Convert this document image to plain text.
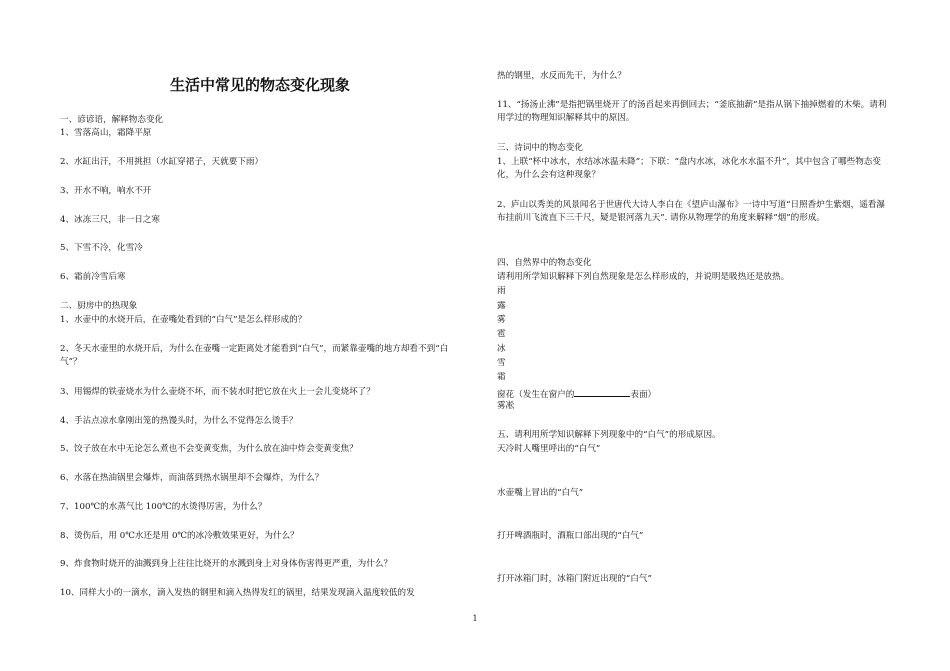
生活中常见的物态变化现象
一、谚谚语，解释物态变化
1、雪落高山，霜降平原
2、水缸出汗，不用挑担（水缸穿裙子，天就要下雨）
3、开水不响，响水不开
4、冰冻三尺，非一日之寒
5、下雪不冷，化雪冷
6、霜前冷雪后寒
二、厨房中的热现象
1、水壶中的水烧开后，在壶嘴处看到的“白气”是怎么样形成的？
2、冬天水壶里的水烧开后，为什么在壶嘴一定距离处才能看到“白气”，而紧靠壶嘴的地方却看不到“白气”？
3、用锡焊的铁壶烧水为什么壶烧不坏，而不装水时把它放在火上一会儿变烧坏了？
4、手沾点凉水拿刚出笼的热馒头时，为什么不觉得怎么烫手？
5、饺子放在水中无论怎么煮也不会变黄变焦，为什么放在油中炸会变黄变焦？
6、水落在热油锅里会爆炸，而油落到热水锅里却不会爆炸，为什么？
7、100℃的水蒸气比 100℃的水烫得厉害，为什么？
8、烫伤后，用 0℃水还是用 0℃的冰冷敷效果更好，为什么？
9、炸食物时烧开的油溅到身上往往比烧开的水溅到身上对身体伤害得更严重，为什么？
10、同样大小的一滴水，滴入发热的钢里和滴入热得发红的锅里，结果发现滴入温度较低的发
热的钢里，水反而先干，为什么？
11、“扬汤止沸”是指把锅里烧开了的汤舀起来再倒回去；“釜底抽薪”是指从锅下抽掉燃着的木柴。请利用学过的物理知识解释其中的原因。
三、诗词中的物态变化
1、上联“杯中冰水，水结冰冰温未降”；下联：“盘内水冰，冰化水水温不升”，其中包含了哪些物态变化，为什么会有这种现象？
2、庐山以秀美的风景闻名于世唐代大诗人李白在《望庐山瀑布》一诗中写道“日照香炉生紫烟，遥看瀑布挂前川飞流直下三千尺，疑是银河落九天”. 请你从物理学的角度来解释“烟”的形成。
四、自然界中的物态变化
请利用所学知识解释下列自然现象是怎么样形成的，并说明是吸热还是放热。
雨
露
雾
雹
冰
雪
霜
窗花（发生在窗户的	表面）
雾凇
五、请利用所学知识解释下列现象中的“白气”的形成原因。
天冷时人嘴里呼出的“白气”
水壶嘴上冒出的“白气”
打开啤酒瓶时，酒瓶口部出现的“白气”
打开冰箱门时，冰箱门附近出现的“白气”
1
